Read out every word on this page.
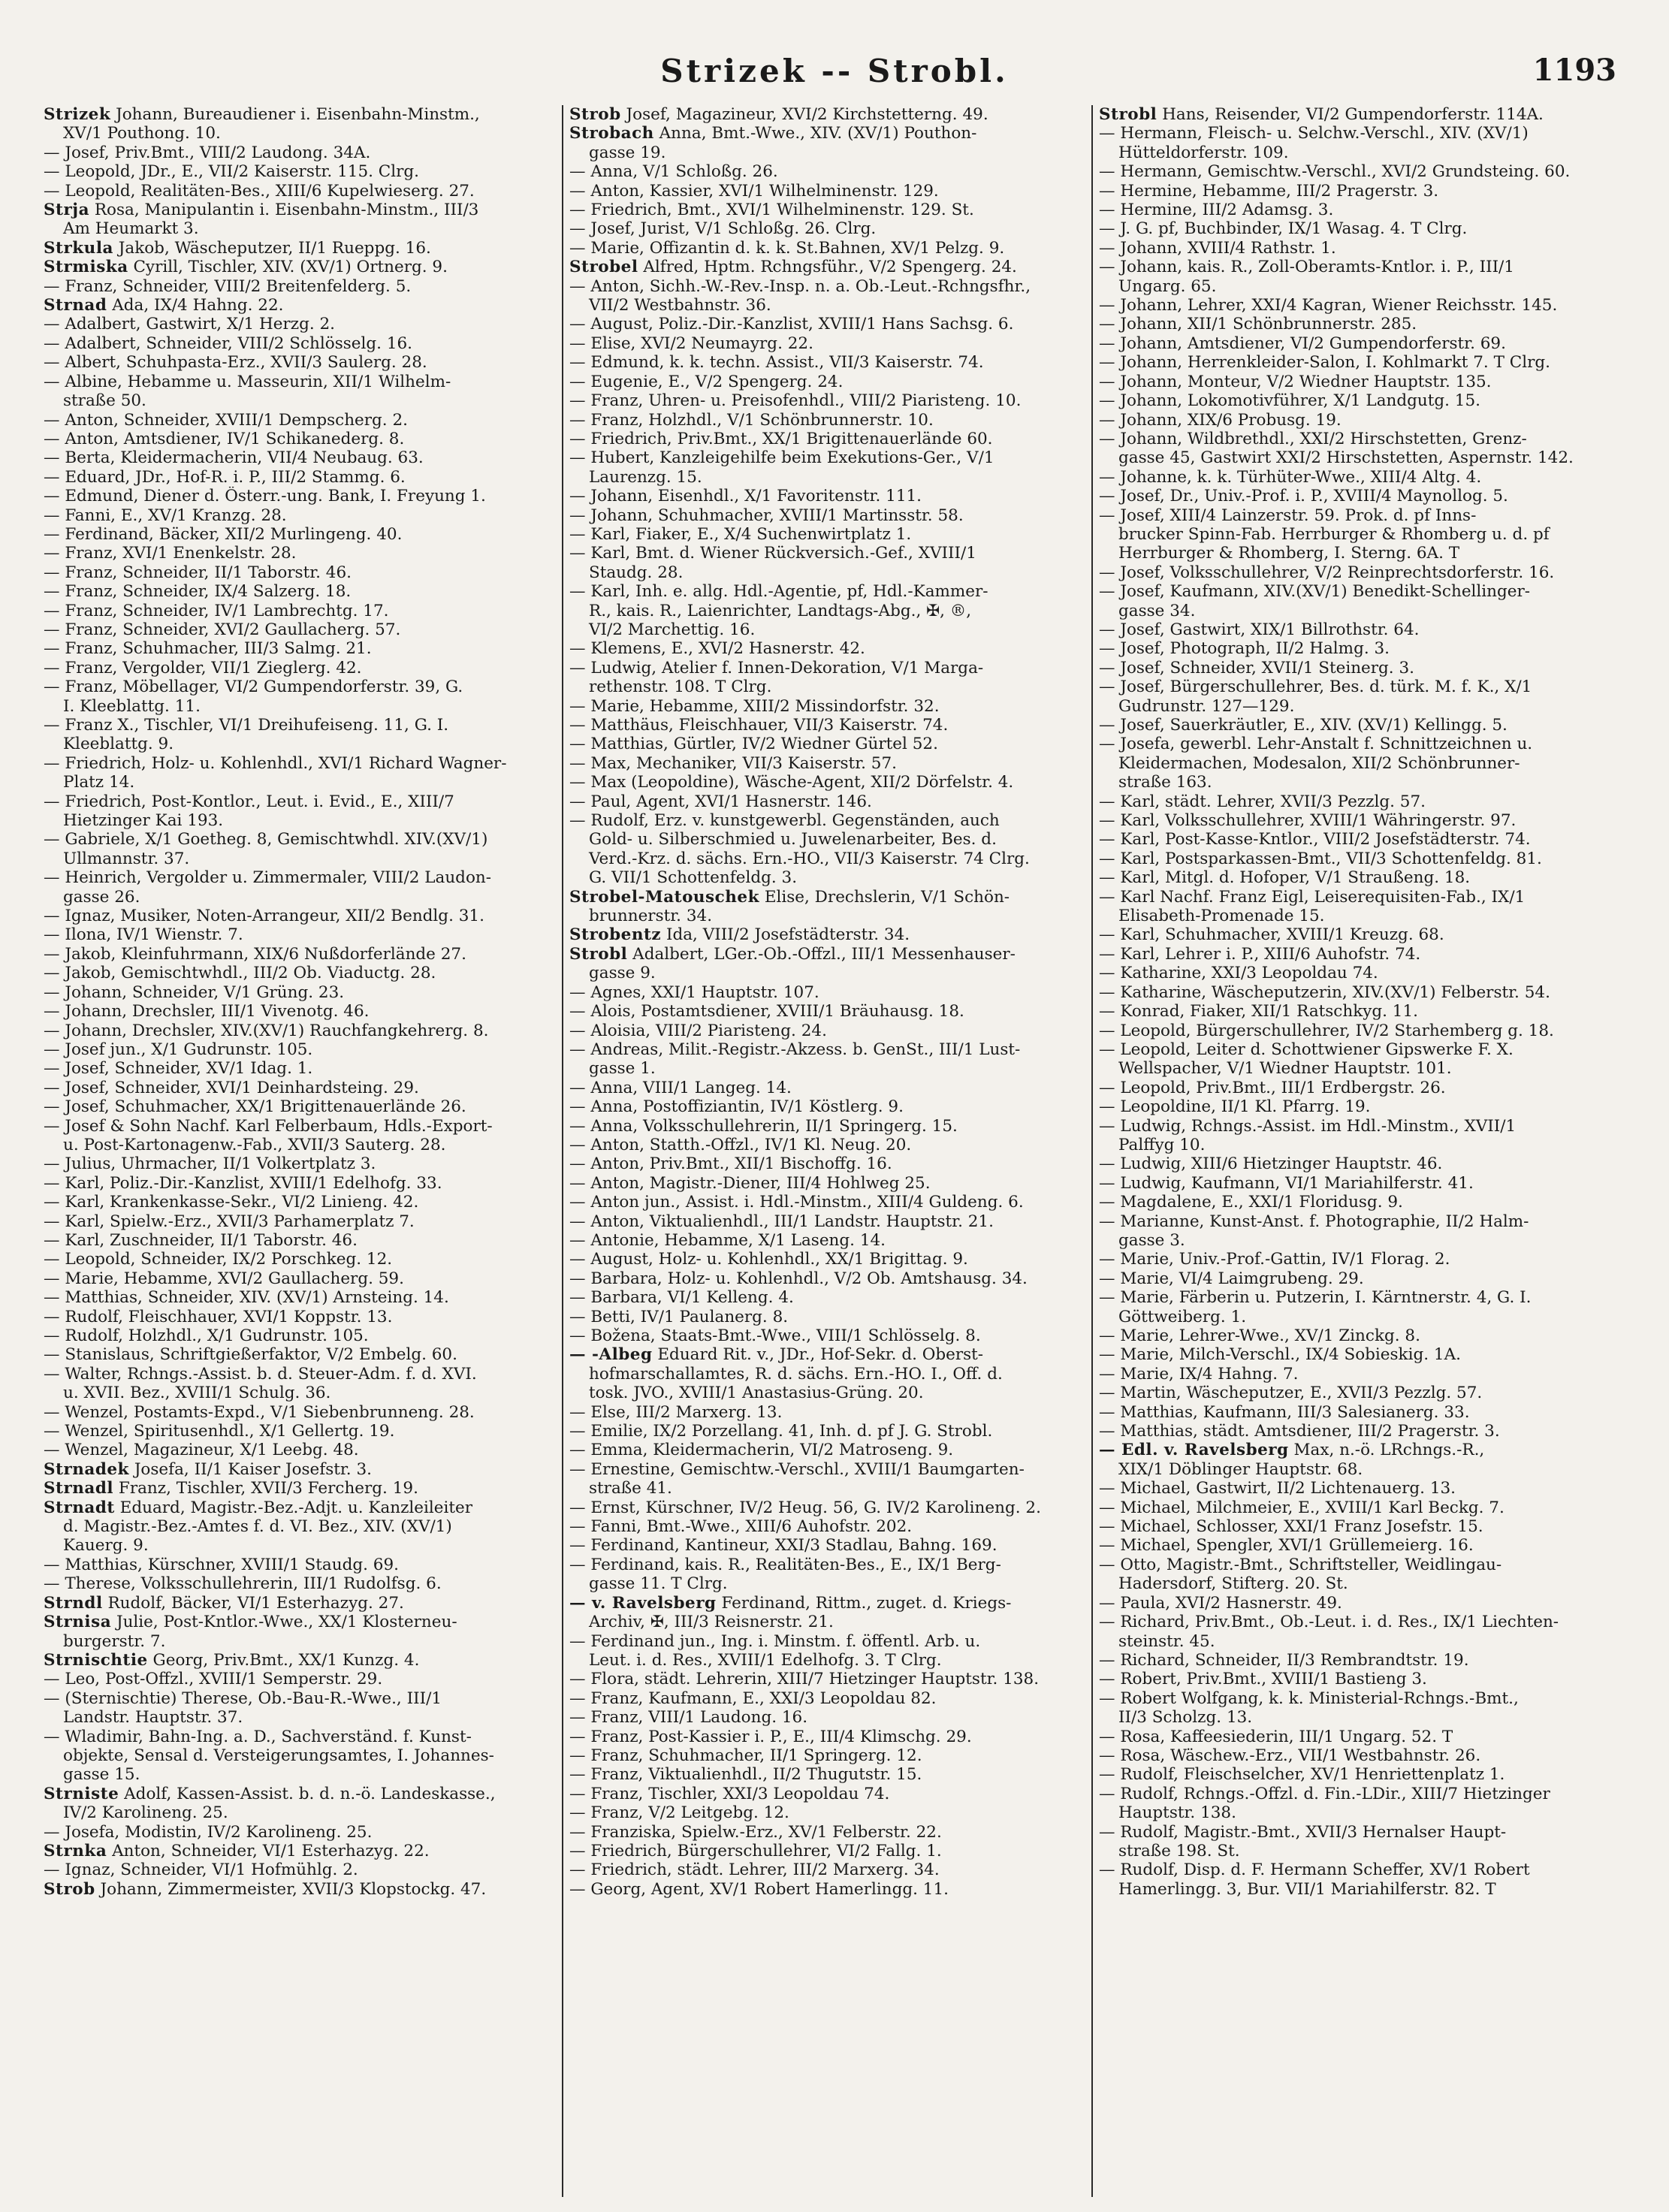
Strizek -- Strobl.	1193
Strizek Johann, Bureaudiener i. Eisenbahn-Minstm.,
XV/1 Pouthong. 10.
— Josef, Priv.Bmt., VIII/2 Laudong. 34A.
— Leopold, JDr., E., VII/2 Kaiserstr. 115. Clrg.
— Leopold, Realitäten-Bes., XIII/6 Kupelwieserg. 27.
Strja Rosa, Manipulantin i. Eisenbahn-Minstm., III/3
Am Heumarkt 3.
Strkula Jakob, Wäscheputzer, II/1 Rueppg. 16.
Strmiska Cyrill, Tischler, XIV. (XV/1) Ortnerg. 9.
— Franz, Schneider, VIII/2 Breitenfelderg. 5.
Strnad Ada, IX/4 Hahng. 22.
— Adalbert, Gastwirt, X/1 Herzg. 2.
— Adalbert, Schneider, VIII/2 Schlösselg. 16.
— Albert, Schuhpasta-Erz., XVII/3 Saulerg. 28.
— Albine, Hebamme u. Masseurin, XII/1 Wilhelm-
straße 50.
— Anton, Schneider, XVIII/1 Dempscherg. 2.
— Anton, Amtsdiener, IV/1 Schikanederg. 8.
— Berta, Kleidermacherin, VII/4 Neubaug. 63.
— Eduard, JDr., Hof-R. i. P., III/2 Stammg. 6.
— Edmund, Diener d. Österr.-ung. Bank, I. Freyung 1.
— Fanni, E., XV/1 Kranzg. 28.
— Ferdinand, Bäcker, XII/2 Murlingeng. 40.
— Franz, XVI/1 Enenkelstr. 28.
— Franz, Schneider, II/1 Taborstr. 46.
— Franz, Schneider, IX/4 Salzerg. 18.
— Franz, Schneider, IV/1 Lambrechtg. 17.
— Franz, Schneider, XVI/2 Gaullacherg. 57.
— Franz, Schuhmacher, III/3 Salmg. 21.
— Franz, Vergolder, VII/1 Zieglerg. 42.
— Franz, Möbellager, VI/2 Gumpendorferstr. 39, G.
I. Kleeblattg. 11.
— Franz X., Tischler, VI/1 Dreihufeiseng. 11, G. I.
Kleeblattg. 9.
— Friedrich, Holz- u. Kohlenhdl., XVI/1 Richard Wagner-
Platz 14.
— Friedrich, Post-Kontlor., Leut. i. Evid., E., XIII/7
Hietzinger Kai 193.
— Gabriele, X/1 Goetheg. 8, Gemischtwhdl. XIV.(XV/1)
Ullmannstr. 37.
— Heinrich, Vergolder u. Zimmermaler, VIII/2 Laudon-
gasse 26.
— Ignaz, Musiker, Noten-Arrangeur, XII/2 Bendlg. 31.
— Ilona, IV/1 Wienstr. 7.
— Jakob, Kleinfuhrmann, XIX/6 Nußdorferlände 27.
— Jakob, Gemischtwhdl., III/2 Ob. Viaductg. 28.
— Johann, Schneider, V/1 Grüng. 23.
— Johann, Drechsler, III/1 Vivenotg. 46.
— Johann, Drechsler, XIV.(XV/1) Rauchfangkehrerg. 8.
— Josef jun., X/1 Gudrunstr. 105.
— Josef, Schneider, XV/1 Idag. 1.
— Josef, Schneider, XVI/1 Deinhardsteing. 29.
— Josef, Schuhmacher, XX/1 Brigittenauerlände 26.
— Josef & Sohn Nachf. Karl Felberbaum, Hdls.-Export-
u. Post-Kartonagenw.-Fab., XVII/3 Sauterg. 28.
— Julius, Uhrmacher, II/1 Volkertplatz 3.
— Karl, Poliz.-Dir.-Kanzlist, XVIII/1 Edelhofg. 33.
— Karl, Krankenkasse-Sekr., VI/2 Linieng. 42.
— Karl, Spielw.-Erz., XVII/3 Parhamerplatz 7.
— Karl, Zuschneider, II/1 Taborstr. 46.
— Leopold, Schneider, IX/2 Porschkeg. 12.
— Marie, Hebamme, XVI/2 Gaullacherg. 59.
— Matthias, Schneider, XIV. (XV/1) Arnsteing. 14.
— Rudolf, Fleischhauer, XVI/1 Koppstr. 13.
— Rudolf, Holzhdl., X/1 Gudrunstr. 105.
— Stanislaus, Schriftgießerfaktor, V/2 Embelg. 60.
— Walter, Rchngs.-Assist. b. d. Steuer-Adm. f. d. XVI.
u. XVII. Bez., XVIII/1 Schulg. 36.
— Wenzel, Postamts-Expd., V/1 Siebenbrunneng. 28.
— Wenzel, Spiritusenhdl., X/1 Gellertg. 19.
— Wenzel, Magazineur, X/1 Leebg. 48.
Strnadek Josefa, II/1 Kaiser Josefstr. 3.
Strnadl Franz, Tischler, XVII/3 Fercherg. 19.
Strnadt Eduard, Magistr.-Bez.-Adjt. u. Kanzleileiter
d. Magistr.-Bez.-Amtes f. d. VI. Bez., XIV. (XV/1)
Kauerg. 9.
— Matthias, Kürschner, XVIII/1 Staudg. 69.
— Therese, Volksschullehrerin, III/1 Rudolfsg. 6.
Strndl Rudolf, Bäcker, VI/1 Esterhazyg. 27.
Strnisa Julie, Post-Kntlor.-Wwe., XX/1 Klosterneu-
burgerstr. 7.
Strnischtie Georg, Priv.Bmt., XX/1 Kunzg. 4.
— Leo, Post-Offzl., XVIII/1 Semperstr. 29.
— (Sternischtie) Therese, Ob.-Bau-R.-Wwe., III/1
Landstr. Hauptstr. 37.
— Wladimir, Bahn-Ing. a. D., Sachverständ. f. Kunst-
objekte, Sensal d. Versteigerungsamtes, I. Johannes-
gasse 15.
Strniste Adolf, Kassen-Assist. b. d. n.-ö. Landeskasse.,
IV/2 Karolineng. 25.
— Josefa, Modistin, IV/2 Karolineng. 25.
Strnka Anton, Schneider, VI/1 Esterhazyg. 22.
— Ignaz, Schneider, VI/1 Hofmühlg. 2.
Strob Johann, Zimmermeister, XVII/3 Klopstockg. 47.
Strob Josef, Magazineur, XVI/2 Kirchstetterng. 49.
Strobach Anna, Bmt.-Wwe., XIV. (XV/1) Pouthon-
gasse 19.
— Anna, V/1 Schloßg. 26.
— Anton, Kassier, XVI/1 Wilhelminenstr. 129.
— Friedrich, Bmt., XVI/1 Wilhelminenstr. 129. St.
— Josef, Jurist, V/1 Schloßg. 26. Clrg.
— Marie, Offizantin d. k. k. St.Bahnen, XV/1 Pelzg. 9.
Strobel Alfred, Hptm. Rchngsführ., V/2 Spengerg. 24.
— Anton, Sichh.-W.-Rev.-Insp. n. a. Ob.-Leut.-Rchngsfhr.,
VII/2 Westbahnstr. 36.
— August, Poliz.-Dir.-Kanzlist, XVIII/1 Hans Sachsg. 6.
— Elise, XVI/2 Neumayrg. 22.
— Edmund, k. k. techn. Assist., VII/3 Kaiserstr. 74.
— Eugenie, E., V/2 Spengerg. 24.
— Franz, Uhren- u. Preisofenhdl., VIII/2 Piaristeng. 10.
— Franz, Holzhdl., V/1 Schönbrunnerstr. 10.
— Friedrich, Priv.Bmt., XX/1 Brigittenauerlände 60.
— Hubert, Kanzleigehilfe beim Exekutions-Ger., V/1
Laurenzg. 15.
— Johann, Eisenhdl., X/1 Favoritenstr. 111.
— Johann, Schuhmacher, XVIII/1 Martinsstr. 58.
— Karl, Fiaker, E., X/4 Suchenwirtplatz 1.
— Karl, Bmt. d. Wiener Rückversich.-Gef., XVIII/1
Staudg. 28.
— Karl, Inh. e. allg. Hdl.-Agentie, pf, Hdl.-Kammer-
R., kais. R., Laienrichter, Landtags-Abg., ✠, ®,
VI/2 Marchettig. 16.
— Klemens, E., XVI/2 Hasnerstr. 42.
— Ludwig, Atelier f. Innen-Dekoration, V/1 Marga-
rethenstr. 108. T Clrg.
— Marie, Hebamme, XIII/2 Missindorfstr. 32.
— Matthäus, Fleischhauer, VII/3 Kaiserstr. 74.
— Matthias, Gürtler, IV/2 Wiedner Gürtel 52.
— Max, Mechaniker, VII/3 Kaiserstr. 57.
— Max (Leopoldine), Wäsche-Agent, XII/2 Dörfelstr. 4.
— Paul, Agent, XVI/1 Hasnerstr. 146.
— Rudolf, Erz. v. kunstgewerbl. Gegenständen, auch
Gold- u. Silberschmied u. Juwelenarbeiter, Bes. d.
Verd.-Krz. d. sächs. Ern.-HO., VII/3 Kaiserstr. 74 Clrg.
G. VII/1 Schottenfeldg. 3.
Strobel-Matouschek Elise, Drechslerin, V/1 Schön-
brunnerstr. 34.
Strobentz Ida, VIII/2 Josefstädterstr. 34.
Strobl Adalbert, LGer.-Ob.-Offzl., III/1 Messenhauser-
gasse 9.
— Agnes, XXI/1 Hauptstr. 107.
— Alois, Postamtsdiener, XVIII/1 Bräuhausg. 18.
— Aloisia, VIII/2 Piaristeng. 24.
— Andreas, Milit.-Registr.-Akzess. b. GenSt., III/1 Lust-
gasse 1.
— Anna, VIII/1 Langeg. 14.
— Anna, Postoffiziantin, IV/1 Köstlerg. 9.
— Anna, Volksschullehrerin, II/1 Springerg. 15.
— Anton, Statth.-Offzl., IV/1 Kl. Neug. 20.
— Anton, Priv.Bmt., XII/1 Bischoffg. 16.
— Anton, Magistr.-Diener, III/4 Hohlweg 25.
— Anton jun., Assist. i. Hdl.-Minstm., XIII/4 Guldeng. 6.
— Anton, Viktualienhdl., III/1 Landstr. Hauptstr. 21.
— Antonie, Hebamme, X/1 Laseng. 14.
— August, Holz- u. Kohlenhdl., XX/1 Brigittag. 9.
— Barbara, Holz- u. Kohlenhdl., V/2 Ob. Amtshausg. 34.
— Barbara, VI/1 Kelleng. 4.
— Betti, IV/1 Paulanerg. 8.
— Božena, Staats-Bmt.-Wwe., VIII/1 Schlösselg. 8.
— -Albeg Eduard Rit. v., JDr., Hof-Sekr. d. Oberst-
hofmarschallamtes, R. d. sächs. Ern.-HO. I., Off. d.
tosk. JVO., XVIII/1 Anastasius-Grüng. 20.
— Else, III/2 Marxerg. 13.
— Emilie, IX/2 Porzellang. 41, Inh. d. pf J. G. Strobl.
— Emma, Kleidermacherin, VI/2 Matroseng. 9.
— Ernestine, Gemischtw.-Verschl., XVIII/1 Baumgarten-
straße 41.
— Ernst, Kürschner, IV/2 Heug. 56, G. IV/2 Karolineng. 2.
— Fanni, Bmt.-Wwe., XIII/6 Auhofstr. 202.
— Ferdinand, Kantineur, XXI/3 Stadlau, Bahng. 169.
— Ferdinand, kais. R., Realitäten-Bes., E., IX/1 Berg-
gasse 11. T Clrg.
— v. Ravelsberg Ferdinand, Rittm., zuget. d. Kriegs-
Archiv, ✠, III/3 Reisnerstr. 21.
— Ferdinand jun., Ing. i. Minstm. f. öffentl. Arb. u.
Leut. i. d. Res., XVIII/1 Edelhofg. 3. T Clrg.
— Flora, städt. Lehrerin, XIII/7 Hietzinger Hauptstr. 138.
— Franz, Kaufmann, E., XXI/3 Leopoldau 82.
— Franz, VIII/1 Laudong. 16.
— Franz, Post-Kassier i. P., E., III/4 Klimschg. 29.
— Franz, Schuhmacher, II/1 Springerg. 12.
— Franz, Viktualienhdl., II/2 Thugutstr. 15.
— Franz, Tischler, XXI/3 Leopoldau 74.
— Franz, V/2 Leitgebg. 12.
— Franziska, Spielw.-Erz., XV/1 Felberstr. 22.
— Friedrich, Bürgerschullehrer, VI/2 Fallg. 1.
— Friedrich, städt. Lehrer, III/2 Marxerg. 34.
— Georg, Agent, XV/1 Robert Hamerlingg. 11.
Strobl Hans, Reisender, VI/2 Gumpendorferstr. 114A.
— Hermann, Fleisch- u. Selchw.-Verschl., XIV. (XV/1)
Hütteldorferstr. 109.
— Hermann, Gemischtw.-Verschl., XVI/2 Grundsteing. 60.
— Hermine, Hebamme, III/2 Pragerstr. 3.
— Hermine, III/2 Adamsg. 3.
— J. G. pf, Buchbinder, IX/1 Wasag. 4. T Clrg.
— Johann, XVIII/4 Rathstr. 1.
— Johann, kais. R., Zoll-Oberamts-Kntlor. i. P., III/1
Ungarg. 65.
— Johann, Lehrer, XXI/4 Kagran, Wiener Reichsstr. 145.
— Johann, XII/1 Schönbrunnerstr. 285.
— Johann, Amtsdiener, VI/2 Gumpendorferstr. 69.
— Johann, Herrenkleider-Salon, I. Kohlmarkt 7. T Clrg.
— Johann, Monteur, V/2 Wiedner Hauptstr. 135.
— Johann, Lokomotivführer, X/1 Landgutg. 15.
— Johann, XIX/6 Probusg. 19.
— Johann, Wildbrethdl., XXI/2 Hirschstetten, Grenz-
gasse 45, Gastwirt XXI/2 Hirschstetten, Aspernstr. 142.
— Johanne, k. k. Türhüter-Wwe., XIII/4 Altg. 4.
— Josef, Dr., Univ.-Prof. i. P., XVIII/4 Maynollog. 5.
— Josef, XIII/4 Lainzerstr. 59. Prok. d. pf Inns-
brucker Spinn-Fab. Herrburger & Rhomberg u. d. pf
Herrburger & Rhomberg, I. Sterng. 6A. T
— Josef, Volksschullehrer, V/2 Reinprechtsdorferstr. 16.
— Josef, Kaufmann, XIV.(XV/1) Benedikt-Schellinger-
gasse 34.
— Josef, Gastwirt, XIX/1 Billrothstr. 64.
— Josef, Photograph, II/2 Halmg. 3.
— Josef, Schneider, XVII/1 Steinerg. 3.
— Josef, Bürgerschullehrer, Bes. d. türk. M. f. K., X/1
Gudrunstr. 127—129.
— Josef, Sauerkräutler, E., XIV. (XV/1) Kellingg. 5.
— Josefa, gewerbl. Lehr-Anstalt f. Schnittzeichnen u.
Kleidermachen, Modesalon, XII/2 Schönbrunner-
straße 163.
— Karl, städt. Lehrer, XVII/3 Pezzlg. 57.
— Karl, Volksschullehrer, XVIII/1 Währingerstr. 97.
— Karl, Post-Kasse-Kntlor., VIII/2 Josefstädterstr. 74.
— Karl, Postsparkassen-Bmt., VII/3 Schottenfeldg. 81.
— Karl, Mitgl. d. Hofoper, V/1 Straußeng. 18.
— Karl Nachf. Franz Eigl, Leiserequisiten-Fab., IX/1
Elisabeth-Promenade 15.
— Karl, Schuhmacher, XVIII/1 Kreuzg. 68.
— Karl, Lehrer i. P., XIII/6 Auhofstr. 74.
— Katharine, XXI/3 Leopoldau 74.
— Katharine, Wäscheputzerin, XIV.(XV/1) Felberstr. 54.
— Konrad, Fiaker, XII/1 Ratschkyg. 11.
— Leopold, Bürgerschullehrer, IV/2 Starhemberg g. 18.
— Leopold, Leiter d. Schottwiener Gipswerke F. X.
Wellspacher, V/1 Wiedner Hauptstr. 101.
— Leopold, Priv.Bmt., III/1 Erdbergstr. 26.
— Leopoldine, II/1 Kl. Pfarrg. 19.
— Ludwig, Rchngs.-Assist. im Hdl.-Minstm., XVII/1
Palffyg 10.
— Ludwig, XIII/6 Hietzinger Hauptstr. 46.
— Ludwig, Kaufmann, VI/1 Mariahilferstr. 41.
— Magdalene, E., XXI/1 Floridusg. 9.
— Marianne, Kunst-Anst. f. Photographie, II/2 Halm-
gasse 3.
— Marie, Univ.-Prof.-Gattin, IV/1 Florag. 2.
— Marie, VI/4 Laimgrubeng. 29.
— Marie, Färberin u. Putzerin, I. Kärntnerstr. 4, G. I.
Göttweiberg. 1.
— Marie, Lehrer-Wwe., XV/1 Zinckg. 8.
— Marie, Milch-Verschl., IX/4 Sobieskig. 1A.
— Marie, IX/4 Hahng. 7.
— Martin, Wäscheputzer, E., XVII/3 Pezzlg. 57.
— Matthias, Kaufmann, III/3 Salesianerg. 33.
— Matthias, städt. Amtsdiener, III/2 Pragerstr. 3.
— Edl. v. Ravelsberg Max, n.-ö. LRchngs.-R.,
XIX/1 Döblinger Hauptstr. 68.
— Michael, Gastwirt, II/2 Lichtenauerg. 13.
— Michael, Milchmeier, E., XVIII/1 Karl Beckg. 7.
— Michael, Schlosser, XXI/1 Franz Josefstr. 15.
— Michael, Spengler, XVI/1 Grüllemeierg. 16.
— Otto, Magistr.-Bmt., Schriftsteller, Weidlingau-
Hadersdorf, Stifterg. 20. St.
— Paula, XVI/2 Hasnerstr. 49.
— Richard, Priv.Bmt., Ob.-Leut. i. d. Res., IX/1 Liechten-
steinstr. 45.
— Richard, Schneider, II/3 Rembrandtstr. 19.
— Robert, Priv.Bmt., XVIII/1 Bastieng 3.
— Robert Wolfgang, k. k. Ministerial-Rchngs.-Bmt.,
II/3 Scholzg. 13.
— Rosa, Kaffeesiederin, III/1 Ungarg. 52. T
— Rosa, Wäschew.-Erz., VII/1 Westbahnstr. 26.
— Rudolf, Fleischselcher, XV/1 Henriettenplatz 1.
— Rudolf, Rchngs.-Offzl. d. Fin.-LDir., XIII/7 Hietzinger
Hauptstr. 138.
— Rudolf, Magistr.-Bmt., XVII/3 Hernalser Haupt-
straße 198. St.
— Rudolf, Disp. d. F. Hermann Scheffer, XV/1 Robert
Hamerlingg. 3, Bur. VII/1 Mariahilferstr. 82. T
